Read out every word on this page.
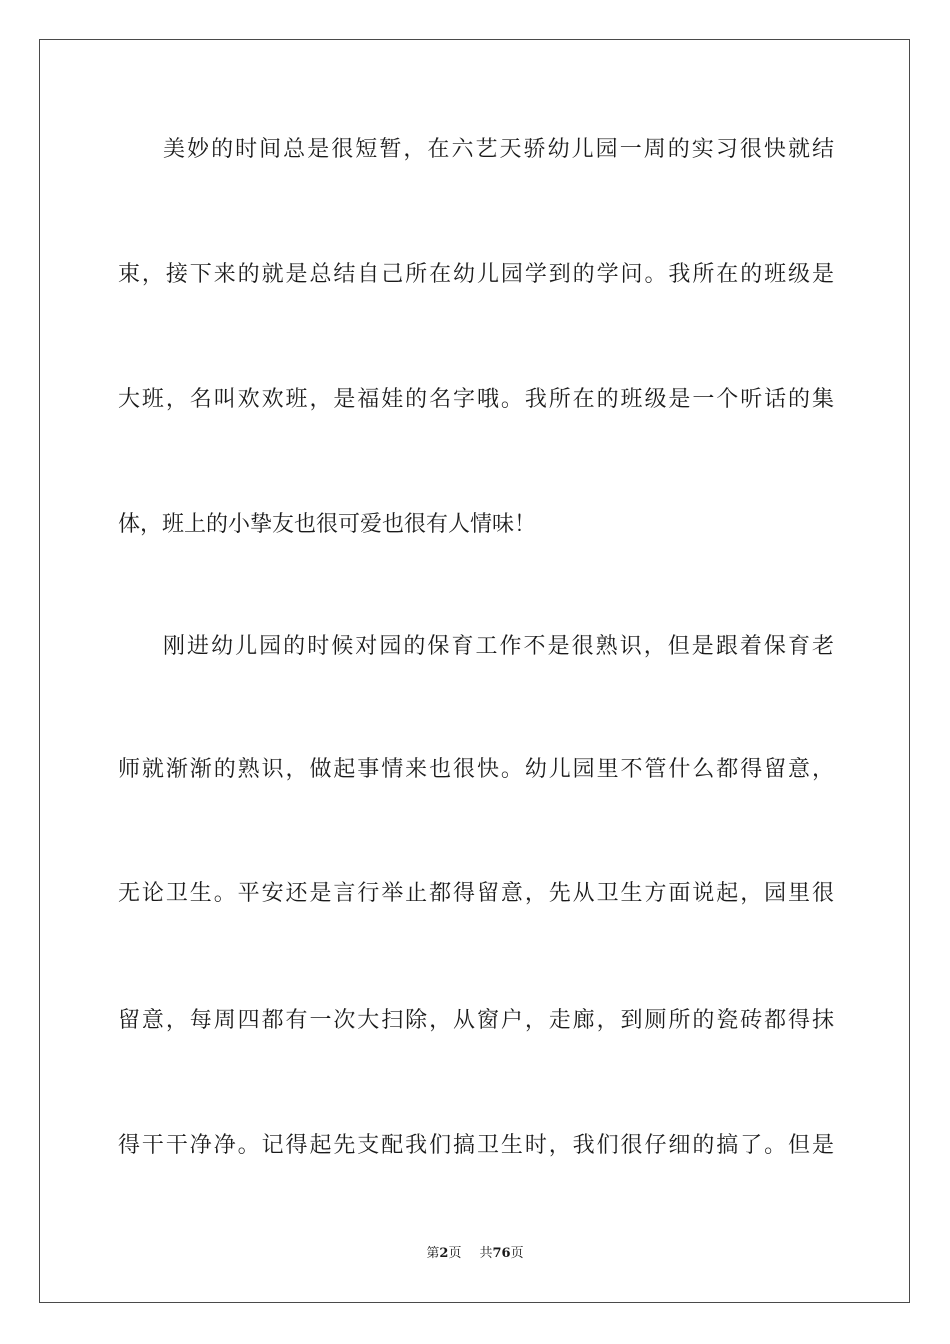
美妙的时间总是很短暂，在六艺天骄幼儿园一周的实习很快就结
束，接下来的就是总结自己所在幼儿园学到的学问。我所在的班级是
大班，名叫欢欢班，是福娃的名字哦。我所在的班级是一个听话的集
体，班上的小挚友也很可爱也很有人情味！
刚进幼儿园的时候对园的保育工作不是很熟识，但是跟着保育老
师就渐渐的熟识，做起事情来也很快。幼儿园里不管什么都得留意，
无论卫生。平安还是言行举止都得留意，先从卫生方面说起，园里很
留意，每周四都有一次大扫除，从窗户，走廊，到厕所的瓷砖都得抹
得干干净净。记得起先支配我们搞卫生时，我们很仔细的搞了。但是
第2页 共76页
